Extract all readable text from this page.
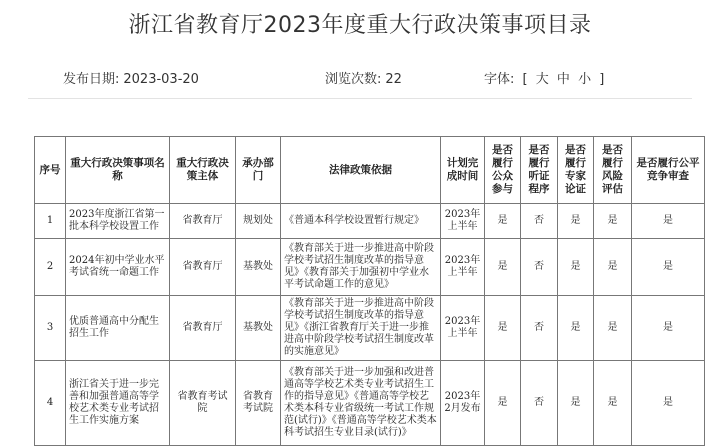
浙江省教育厅2023年度重大行政决策事项目录
发布日期: 2023-03-20	浏览次数: 22	字体: [ 大 中 小 ]
序号	重大行政决策事项名称	重大行政决策主体	承办部门	法律政策依据	计划完成时间	是否履行公众参与	是否履行听证程序	是否履行专家论证	是否履行风险评估	是否履行公平竞争审查
1	2023年度浙江省第一批本科学校设置工作	省教育厅	规划处	《普通本科学校设置暂行规定》	2023年上半年	是	否	是	是	是
2	2024年初中学业水平考试省统一命题工作	省教育厅	基教处	《教育部关于进一步推进高中阶段学校考试招生制度改革的指导意见》《教育部关于加强初中学业水平考试命题工作的意见》	2023年上半年	是	否	是	是	是
3	优质普通高中分配生招生工作	省教育厅	基教处	《教育部关于进一步推进高中阶段学校考试招生制度改革的指导意见》《浙江省教育厅关于进一步推进高中阶段学校考试招生制度改革的实施意见》	2023年上半年	是	否	是	是	是
4	浙江省关于进一步完善和加强普通高等学校艺术类专业考试招生工作实施方案	省教育考试院	省教育考试院	《教育部关于进一步加强和改进普通高等学校艺术类专业考试招生工作的指导意见》《普通高等学校艺术类本科专业省级统一考试工作规范(试行)》《普通高等学校艺术类本科考试招生专业目录(试行)》	2023年2月发布	是	否	是	是	是
